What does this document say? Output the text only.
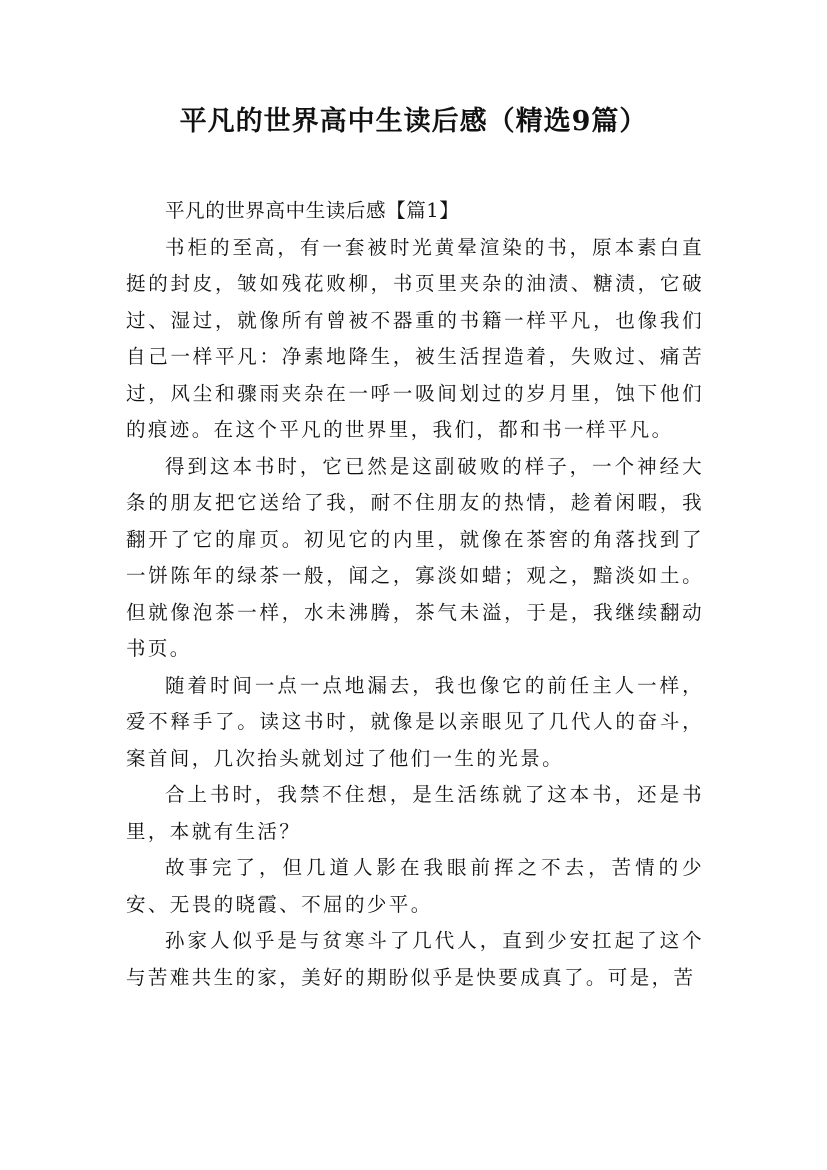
平凡的世界高中生读后感（精选9篇）

平凡的世界高中生读后感【篇1】

书柜的至高，有一套被时光黄晕渲染的书，原本素白直挺的封皮，皱如残花败柳，书页里夹杂的油渍、糖渍，它破过、湿过，就像所有曾被不器重的书籍一样平凡，也像我们自己一样平凡：净素地降生，被生活捏造着，失败过、痛苦过，风尘和骤雨夹杂在一呼一吸间划过的岁月里，蚀下他们的痕迹。在这个平凡的世界里，我们，都和书一样平凡。

得到这本书时，它已然是这副破败的样子，一个神经大条的朋友把它送给了我，耐不住朋友的热情，趁着闲暇，我翻开了它的扉页。初见它的内里，就像在茶窖的角落找到了一饼陈年的绿茶一般，闻之，寡淡如蜡；观之，黯淡如土。但就像泡茶一样，水未沸腾，茶气未溢，于是，我继续翻动书页。

随着时间一点一点地漏去，我也像它的前任主人一样，爱不释手了。读这书时，就像是以亲眼见了几代人的奋斗，案首间，几次抬头就划过了他们一生的光景。

合上书时，我禁不住想，是生活练就了这本书，还是书里，本就有生活？

故事完了，但几道人影在我眼前挥之不去，苦情的少安、无畏的晓霞、不屈的少平。

孙家人似乎是与贫寒斗了几代人，直到少安扛起了这个与苦难共生的家，美好的期盼似乎是快要成真了。可是，苦
